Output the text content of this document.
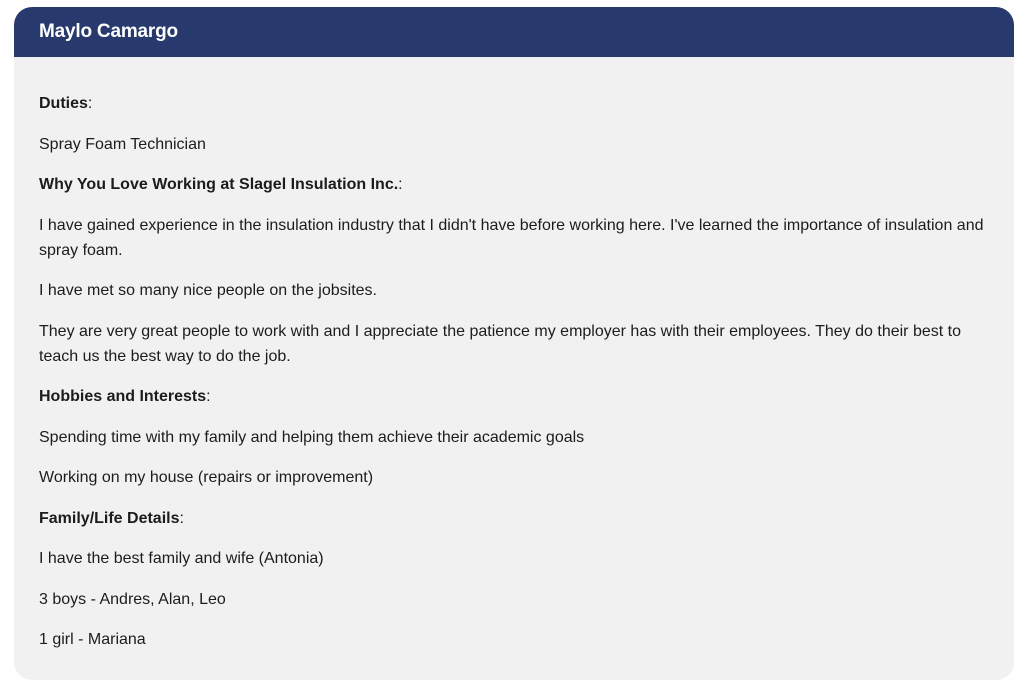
Maylo Camargo

Duties:

Spray Foam Technician

Why You Love Working at Slagel Insulation Inc.:

I have gained experience in the insulation industry that I didn't have before working here. I've learned the importance of insulation and spray foam.

I have met so many nice people on the jobsites.

They are very great people to work with and I appreciate the patience my employer has with their employees. They do their best to teach us the best way to do the job.

Hobbies and Interests:

Spending time with my family and helping them achieve their academic goals

Working on my house (repairs or improvement)

Family/Life Details:

I have the best family and wife (Antonia)

3 boys - Andres, Alan, Leo

1 girl - Mariana
